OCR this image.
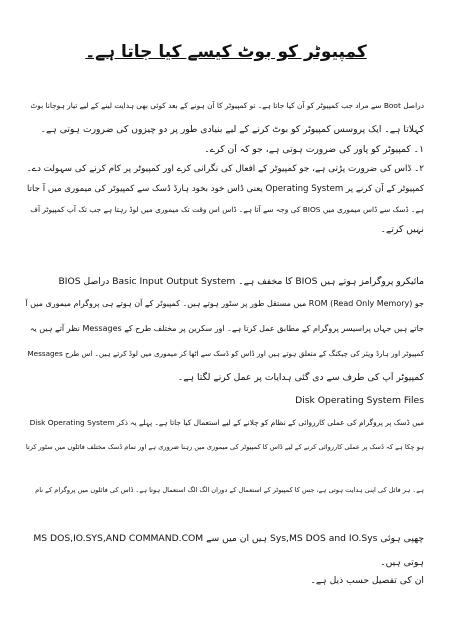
کمپیوٹر کو بوٹ کیسے کیا جاتا ہے۔
دراصل Boot سے مراد جب کمپیوٹر کو آن کیا جاتا ہے۔ تو کمپیوٹر کا آن ہونے کے بعد کوئی بھی ہدایت لینے کے لیے تیار ہوجانا بوٹ
کہلاتا ہے۔ ایک پروسس کمپیوٹر کو بوٹ کرنے کے لیے بنیادی طور پر دو چیزوں کی ضرورت ہوتی ہے۔
۱۔ کمپیوٹر کو پاور کی ضرورت ہوتی ہے، جو کہ آن کرے۔
۲۔ ڈاس کی ضرورت پڑتی ہے، جو کمپیوٹر کے افعال کی نگرانی کرے اور کمپیوٹر پر کام کرنے کی سہولت دے۔
کمپیوٹر کے آن کرنے پر Operating System یعنی ڈاس خود بخود ہارڈ ڈسک سے کمپیوٹر کی میموری میں آ جاتا
ہے۔ ڈسک سے ڈاس میموری میں BIOS کی وجہ سے آتا ہے۔ ڈاس اس وقت تک میموری میں لوڈ رہتا ہے جب تک آپ کمپیوٹر آف
نہیں کرتے۔
BIOS دراصل Basic Input Output System کا مخفف ہے۔ BIOS مائیکرو پروگرامز ہوتے ہیں
جو ROM (Read Only Memory) میں مستقل طور پر سٹور ہوتے ہیں۔ کمپیوٹر کے آن ہوتے ہی پروگرام میموری میں آ
جاتے ہیں جہاں پراسیسر پروگرام کے مطابق عمل کرتا ہے۔ اور سکرین پر مختلف طرح کے Messages نظر آتے ہیں یہ
Messages کمپیوٹر اور ہارڈ ویئر کی چیکنگ کے متعلق ہوتے ہیں اور ڈاس کو ڈسک سے اٹھا کر میموری میں لوڈ کرتے ہیں۔ اس طرح
کمپیوٹر آپ کی طرف سے دی گئی ہدایات پر عمل کرنے لگتا ہے۔
Disk Operating System Files
Disk Operating System میں ڈسک پر پروگرام کی عملی کارروائی کے نظام کو چلانے کے لیے استعمال کیا جاتا ہے۔ پہلے یہ ذکر
ہو چکا ہے کہ ڈسک پر عملی کارروائی کرنے کے لیے ڈاس کا کمپیوٹر کی میموری میں رہنا ضروری ہے اور تمام ڈسک مختلف فائلوں میں سٹور کرتا
ہے۔ ہر فائل کی اپنی ہدایت ہوتی ہے، جس کا کمپیوٹر کے استعمال کے دوران الگ الگ استعمال ہوتا ہے۔ ڈاس کی فائلوں میں پروگرام کے نام
MS DOS,IO.SYS,AND COMMAND.COM ہیں ان میں سے Sys,MS DOS and IO.Sys چھپی ہوئی
ہوتی ہیں۔
ان کی تفصیل حسب ذیل ہے۔
